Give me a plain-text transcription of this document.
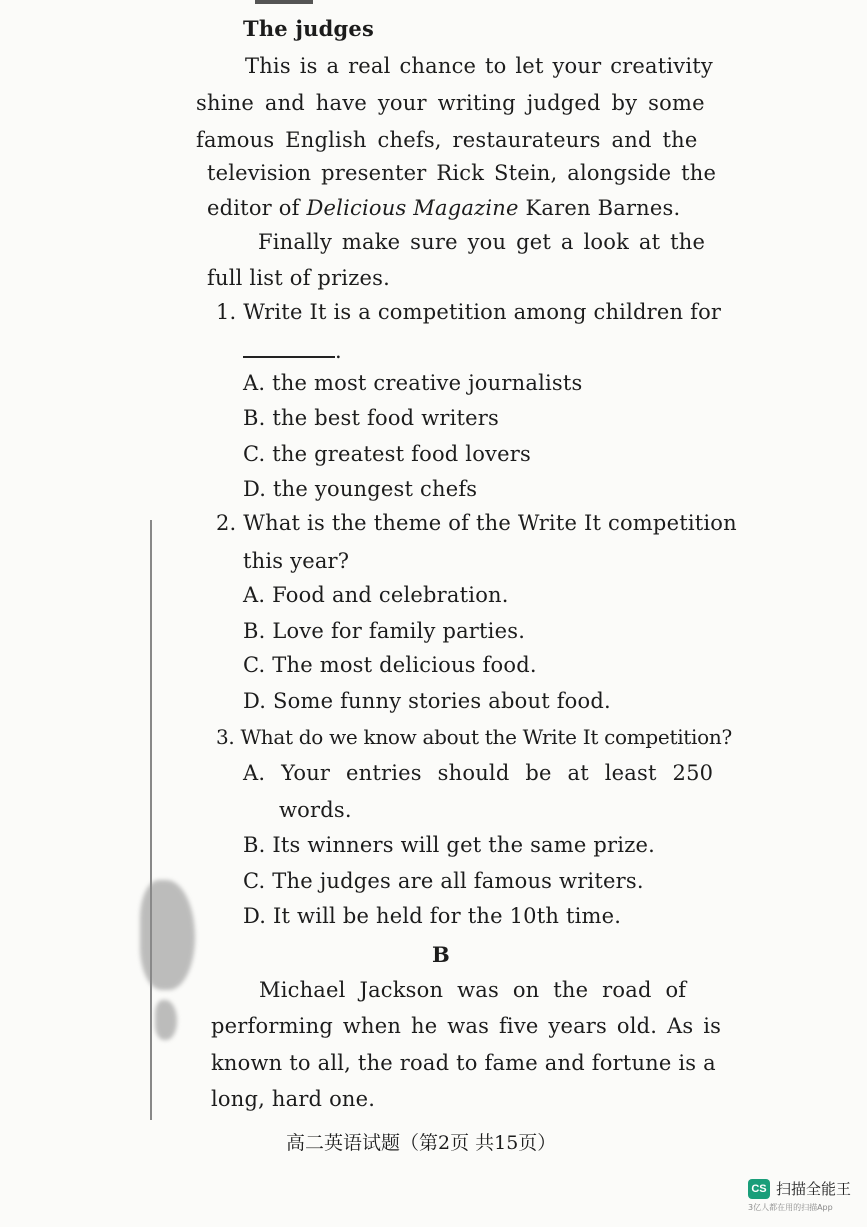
The judges
This is a real chance to let your creativity
shine and have your writing judged by some
famous English chefs, restaurateurs and the
television presenter Rick Stein, alongside the
editor of Delicious Magazine Karen Barnes.
Finally make sure you get a look at the
full list of prizes.
1. Write It is a competition among children for
.
A. the most creative journalists
B. the best food writers
C. the greatest food lovers
D. the youngest chefs
2. What is the theme of the Write It competition
this year?
A. Food and celebration.
B. Love for family parties.
C. The most delicious food.
D. Some funny stories about food.
3. What do we know about the Write It competition?
A. Your entries should be at least 250
words.
B. Its winners will get the same prize.
C. The judges are all famous writers.
D. It will be held for the 10th time.
B
Michael Jackson was on the road of
performing when he was five years old. As is
known to all, the road to fame and fortune is a
long, hard one.
高二英语试题（第2页 共15页）
CS 扫描全能王
3亿人都在用的扫描App
